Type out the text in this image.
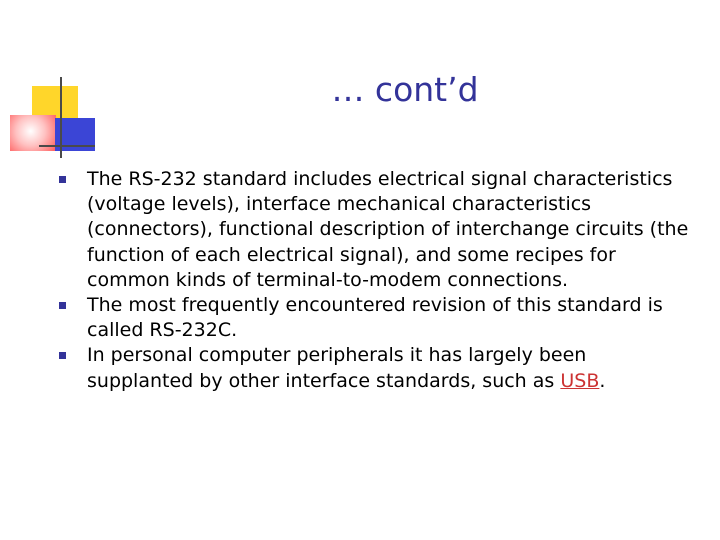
… cont’d
The RS-232 standard includes electrical signal characteristics (voltage levels), interface mechanical characteristics (connectors), functional description of interchange circuits (the function of each electrical signal), and some recipes for common kinds of terminal-to-modem connections.
The most frequently encountered revision of this standard is called RS-232C.
In personal computer peripherals it has largely been supplanted by other interface standards, such as USB.
